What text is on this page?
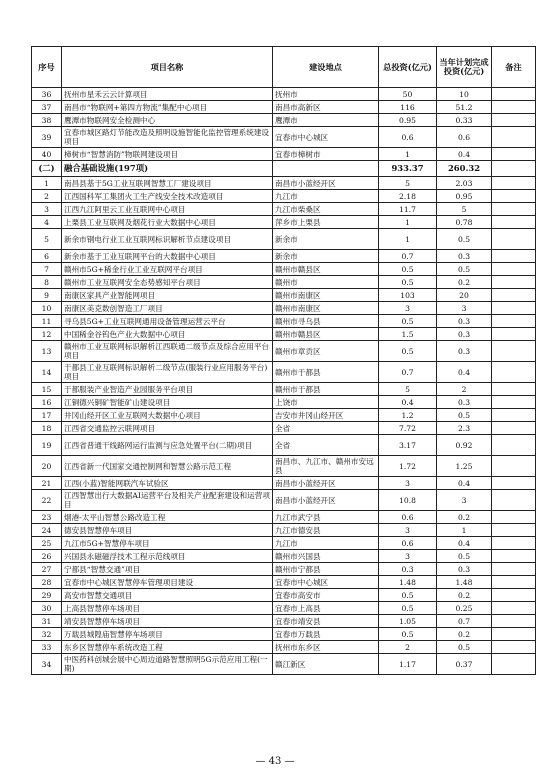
序号	项目名称	建设地点	总投资(亿元)	当年计划完成投资(亿元)	备注
36	抚州市星禾云云计算项目	抚州市	50	10	
37	南昌市“物联网+第四方物流”集配中心项目	南昌市高新区	116	51.2	
38	鹰潭市物联网安全检测中心	鹰潭市	0.95	0.33	
39	宜春市城区路灯节能改造及照明设施智能化监控管理系统建设项目	宜春市中心城区	0.6	0.6	
40	樟树市“智慧消防”物联网建设项目	宜春市樟树市	1	0.4	
(二)	融合基础设施(197项)		933.37	260.32	
1	南昌县基于5G工业互联网智慧工厂建设项目	南昌市小蓝经开区	5	2.03	
2	江西国科军工集团火工生产线安全技术改造项目	九江市	2.18	0.95	
3	江西九江阿里云工业互联网中心项目	九江市柴桑区	11.7	5	
4	上栗县工业互联网及烟花行业大数据中心项目	萍乡市上栗县	1	0.78	
5	新余市钢电行业工业互联网标识解析节点建设项目	新余市	1	0.5	
6	新余市基于工业互联网平台的大数据中心项目	新余市	0.7	0.3	
7	赣州市5G+稀金行业工业互联网平台项目	赣州市赣县区	0.5	0.5	
8	赣州市工业互联网安全态势感知平台项目	赣州市	0.5	0.2	
9	南康区家具产业智能网项目	赣州市南康区	103	20	
10	南康区美克数创智造工厂项目	赣州市南康区	3	3	
11	寻乌县5G+工业互联网通用设备管理运营云平台	赣州市寻乌县	0.5	0.3	
12	中国稀金谷钨色产业大数据中心项目	赣州市赣县区	1.5	0.3	
13	赣州市工业互联网标识解析江西联通二级节点及综合应用平台项目	赣州市章贡区	0.5	0.3	
14	于都县工业互联网标识解析二级节点(服装行业应用服务平台)项目	赣州市于都县	0.7	0.4	
15	于都服装产业智造产业园服务平台项目	赣州市于都县	5	2	
16	江铜德兴铜矿智能矿山建设项目	上饶市	0.4	0.3	
17	井冈山经开区工业互联网大数据中心项目	吉安市井冈山经开区	1.2	0.5	
18	江西省交通监控云联网项目	全省	7.72	2.3	
19	江西省普通干线路网运行监测与应急处置平台(二期)项目	全省	3.17	0.92	
20	江西省新一代国家交通控制网和智慧公路示范工程	南昌市、九江市、赣州市安远县	1.72	1.25	
21	江西(小蓝)智能网联汽车试验区	南昌市小蓝经开区	3	0.4	
22	江西智慧出行大数据AI运营平台及相关产业配套建设和运营项目	南昌市小蓝经开区	10.8	3	
23	烟港-太平山智慧公路改造工程	九江市武宁县	0.6	0.2	
24	德安县智慧停车项目	九江市德安县	3	1	
25	九江市5G+智慧停车项目	九江市	0.6	0.4	
26	兴国县永磁磁浮技术工程示范线项目	赣州市兴国县	3	0.5	
27	宁都县“智慧交通”项目	赣州市宁都县	0.3	0.3	
28	宜春市中心城区智慧停车管理项目建设	宜春市中心城区	1.48	1.48	
29	高安市智慧交通项目	宜春市高安市	0.5	0.2	
30	上高县智慧停车场项目	宜春市上高县	0.5	0.25	
31	靖安县智慧停车场项目	宜春市靖安县	1.05	0.7	
32	万载县城隍庙智慧停车场项目	宜春市万载县	0.5	0.2	
33	东乡区智慧停车系统改造工程	抚州市东乡区	2	0.5	
34	中医药科创城会展中心周边道路智慧照明5G示范应用工程(一期)	赣江新区	1.17	0.37	
— 43 —
